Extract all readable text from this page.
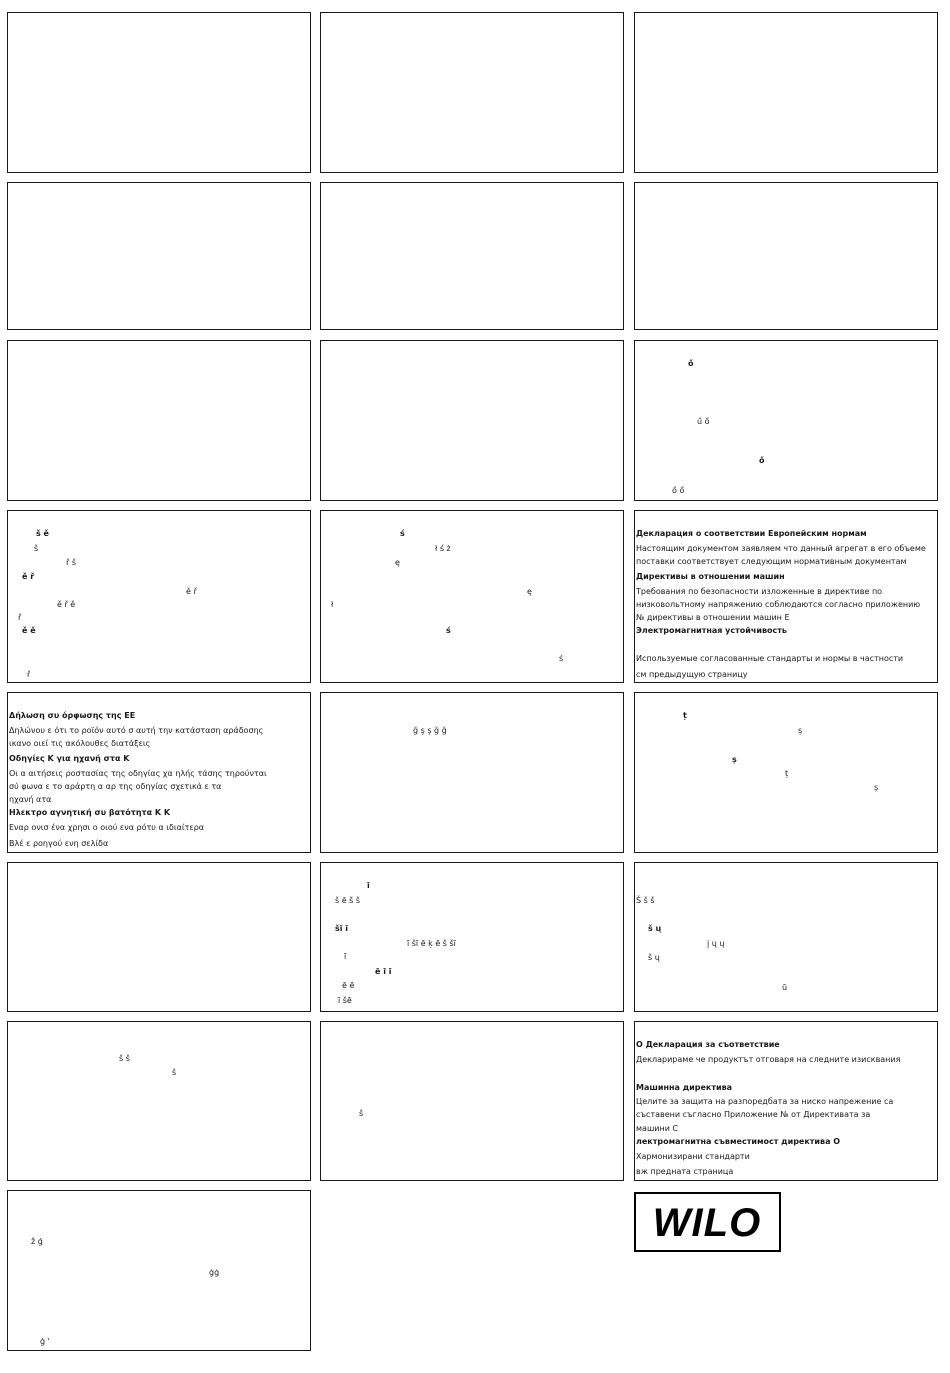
ő
ű ő
ő
ő ő
š ě
š
ř š
ě ř
ě ř
ě ř ě
ř
ě ě
ř
ś
ł ś ż
ę
ę
ł
ś
ś
Декларация о соответствии Европейским нормам
Настоящим документом заявляем что данный агрегат в его объеме
поставки соответствует следующим нормативным документам
Директивы в отношении машин
Требования по безопасности изложенные в директиве по
низковольтному напряжению соблюдаются согласно приложению
№ директивы в отношении машин Е
Электромагнитная устойчивость
Используемые согласованные стандарты и нормы в частности
см предыдущую страницу
Δήλωση συ όρφωσης της ΕΕ
Δηλώνου ε ότι το ροϊόν αυτό σ αυτή την κατάσταση αράδοσης
ικανο οιεί τις ακόλουθες διατάξεις
Οδηγίες Κ για ηχανή στα Κ
Οι α αιτήσεις ροστασίας της οδηγίας χα ηλής τάσης τηρούνται
σύ φωνα ε το αράρτη α αρ της οδηγίας σχετικά ε τα
ηχανή ατα
Ηλεκτρο αγνητική συ βατότητα Κ Κ
Εναρ ονισ ένα χρησι ο οιού ενα ρότυ α ιδιαίτερα
Βλέ ε ροηγού ενη σελίδα
ğ ş ş ğ ğ
ț
ș
ș
ț
ș
ī
š ē š š
šī ī
ī šī ē ķ ē š šī
ī
ē ī ī
ē ē
ī šē
Š š š
š ų
į ų ų
š ų
ū
š š
š
š
О Декларация за съответствие
Декларираме че продуктът отговаря на следните изисквания
Машинна директива
Целите за защита на разпоредбата за ниско напрежение са
съставени съгласно Приложение № от Директивата за
машини С
лектромагнитна съвместимост директива О
Хармонизирани стандарти
вж предната страница
ž ģ
ģģ
ģ '
WILO
